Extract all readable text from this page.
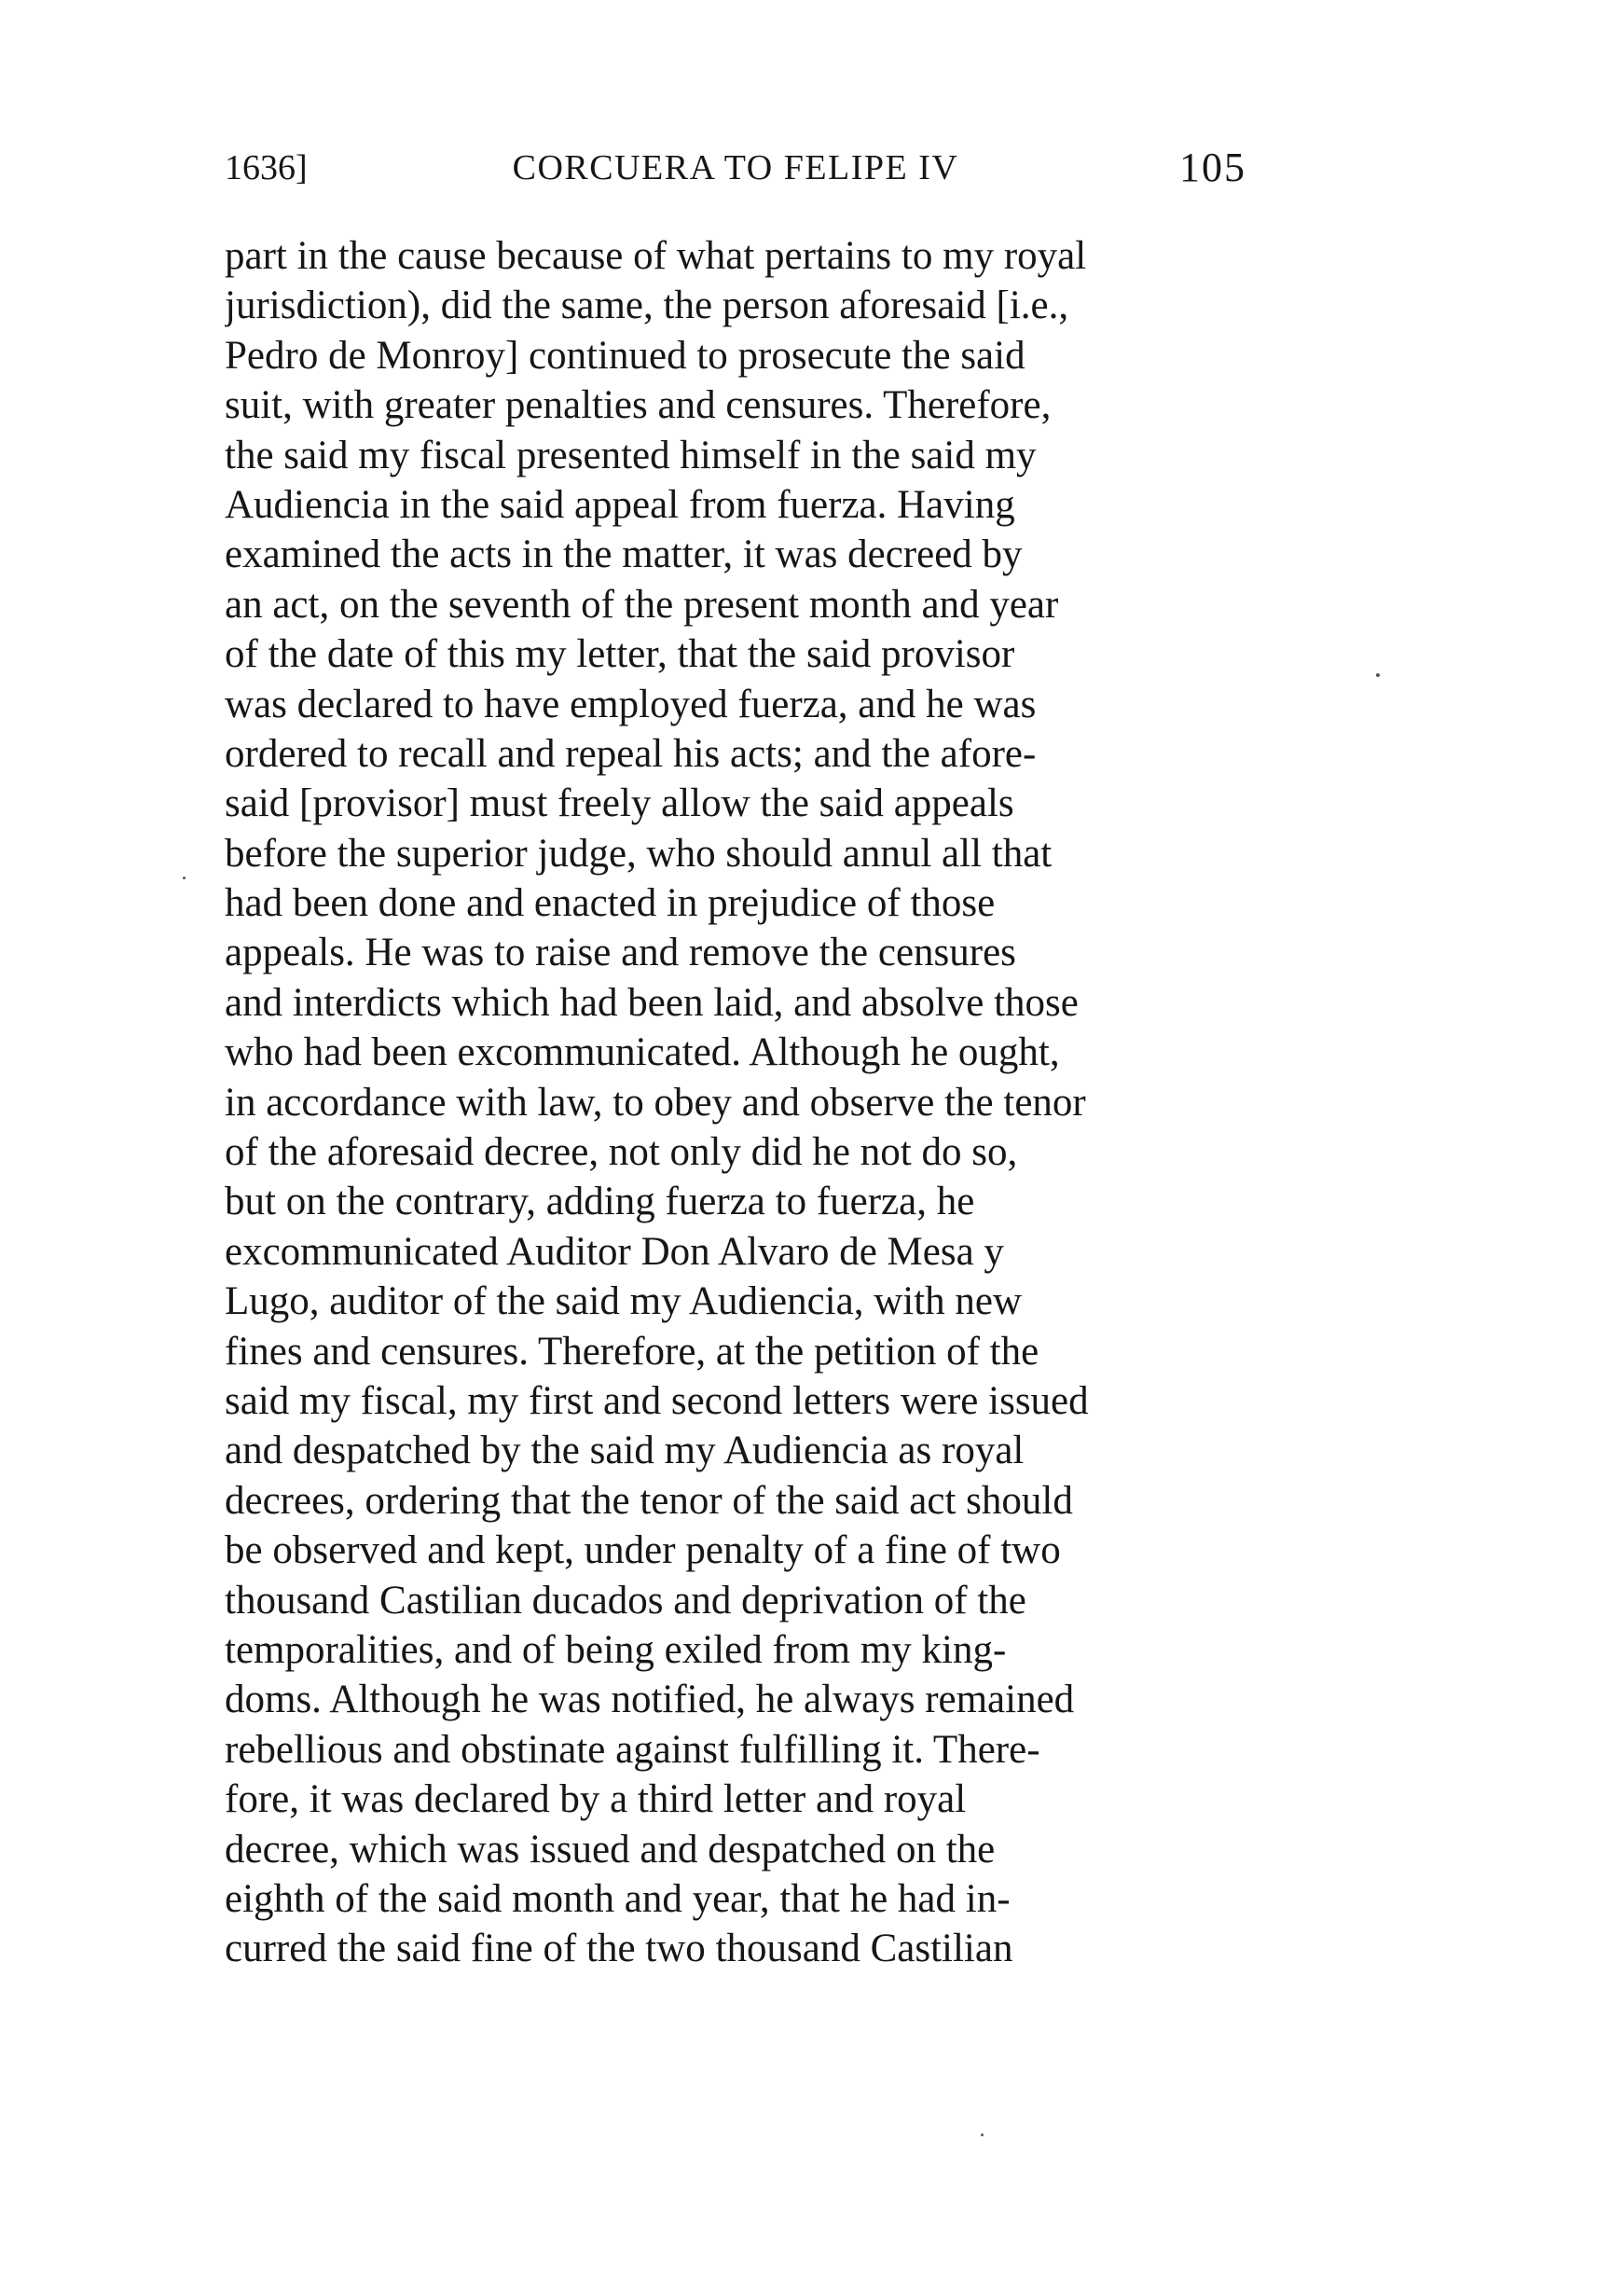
1636]	CORCUERA TO FELIPE IV	105
part in the cause because of what pertains to my royal
jurisdiction), did the same, the person aforesaid [i.e.,
Pedro de Monroy] continued to prosecute the said
suit, with greater penalties and censures. Therefore,
the said my fiscal presented himself in the said my
Audiencia in the said appeal from fuerza. Having
examined the acts in the matter, it was decreed by
an act, on the seventh of the present month and year
of the date of this my letter, that the said provisor
was declared to have employed fuerza, and he was
ordered to recall and repeal his acts; and the afore-
said [provisor] must freely allow the said appeals
before the superior judge, who should annul all that
had been done and enacted in prejudice of those
appeals. He was to raise and remove the censures
and interdicts which had been laid, and absolve those
who had been excommunicated. Although he ought,
in accordance with law, to obey and observe the tenor
of the aforesaid decree, not only did he not do so,
but on the contrary, adding fuerza to fuerza, he
excommunicated Auditor Don Alvaro de Mesa y
Lugo, auditor of the said my Audiencia, with new
fines and censures. Therefore, at the petition of the
said my fiscal, my first and second letters were issued
and despatched by the said my Audiencia as royal
decrees, ordering that the tenor of the said act should
be observed and kept, under penalty of a fine of two
thousand Castilian ducados and deprivation of the
temporalities, and of being exiled from my king-
doms. Although he was notified, he always remained
rebellious and obstinate against fulfilling it. There-
fore, it was declared by a third letter and royal
decree, which was issued and despatched on the
eighth of the said month and year, that he had in-
curred the said fine of the two thousand Castilian
